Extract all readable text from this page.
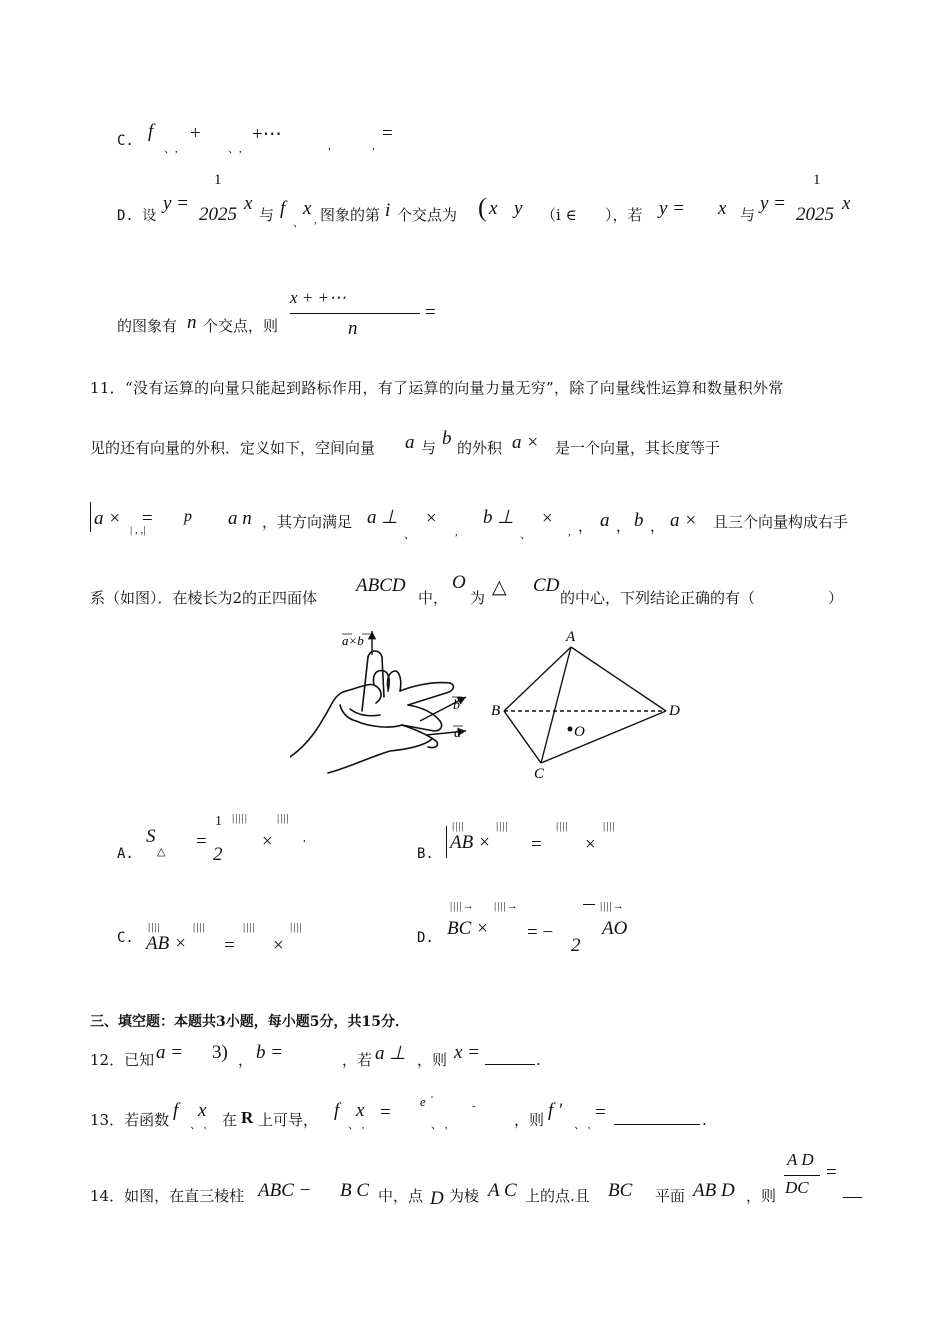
C. f
、,
+
、,
+⋯
,	,
=
D. 设
y =
1
2025
x
与 f
、
x
, 图象的第 i 个交点为 ( x y （i ∈ ），若 y = x 与
y =
1
2025
x
的图象有 n 个交点，则
x + +⋯
n
=
11．“没有运算的向量只能起到路标作用，有了运算的向量力量无穷”，除了向量线性运算和数量积外常
见的还有向量的外积．定义如下，空间向量 a 与 b 的外积 a × 是一个向量，其长度等于
a × =
| , ,|
p a n ，其方向满足 a ⊥
、
×
,
b ⊥
、
×
, ， a ， b ， a × 且三个向量构成右手
系（如图）．在棱长为2的正四面体
ABCD
中，
O
为 △ CD
的中心，下列结论正确的有（	）
a×b
b
a
A
B
C
D
O
A.
S
△ =
1
2
|||||	||||
×	,
B.
||||
AB ×
||||
=
||||
×
||||
C.
||||
AB ×
||||
=
||||
×
||||
D.
||||→
BC ×
||||→
= −
2
||||→
AO
三、填空题：本题共3小题，每小题5分，共15分．
12．已知 a = 3) ， b =	，若 a ⊥ ，则 x =	.
13．若函数 f x
、 , 在 R 上可导， f x
、 ,
=
e '
、 ,
-
，则 f ′
、 ,
=	.
14．如图，在直三棱柱 ABC − B C 中，点 D 为棱 A C 上的点.且 BC 平面 AB D ，则
A D
DC
=
—
